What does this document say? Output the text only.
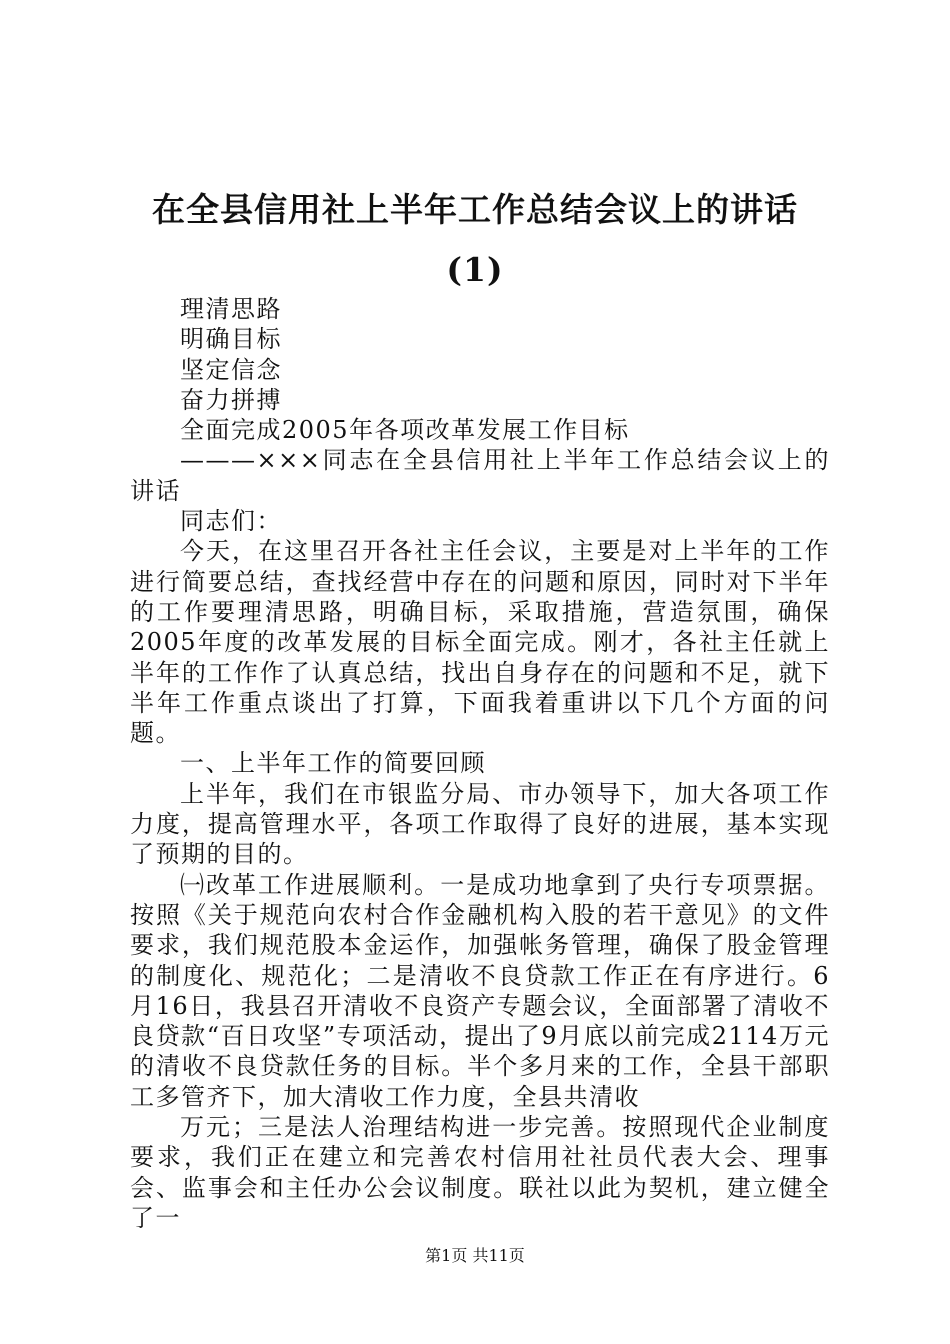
在全县信用社上半年工作总结会议上的讲话
(1)

理清思路

明确目标

坚定信念

奋力拼搏

全面完成2005年各项改革发展工作目标

———×××同志在全县信用社上半年工作总结会议上的讲话

同志们：

今天，在这里召开各社主任会议，主要是对上半年的工作进行简要总结，查找经营中存在的问题和原因，同时对下半年的工作要理清思路，明确目标，采取措施，营造氛围，确保2005年度的改革发展的目标全面完成。刚才，各社主任就上半年的工作作了认真总结，找出自身存在的问题和不足，就下半年工作重点谈出了打算，下面我着重讲以下几个方面的问题。

一、上半年工作的简要回顾

上半年，我们在市银监分局、市办领导下，加大各项工作力度，提高管理水平，各项工作取得了良好的进展，基本实现了预期的目的。

㈠改革工作进展顺利。一是成功地拿到了央行专项票据。按照《关于规范向农村合作金融机构入股的若干意见》的文件要求，我们规范股本金运作，加强帐务管理，确保了股金管理的制度化、规范化；二是清收不良贷款工作正在有序进行。6月16日，我县召开清收不良资产专题会议，全面部署了清收不良贷款“百日攻坚”专项活动，提出了9月底以前完成2114万元的清收不良贷款任务的目标。半个多月来的工作，全县干部职工多管齐下，加大清收工作力度，全县共清收

万元；三是法人治理结构进一步完善。按照现代企业制度要求，我们正在建立和完善农村信用社社员代表大会、理事会、监事会和主任办公会议制度。联社以此为契机，建立健全了一

第1页 共11页
